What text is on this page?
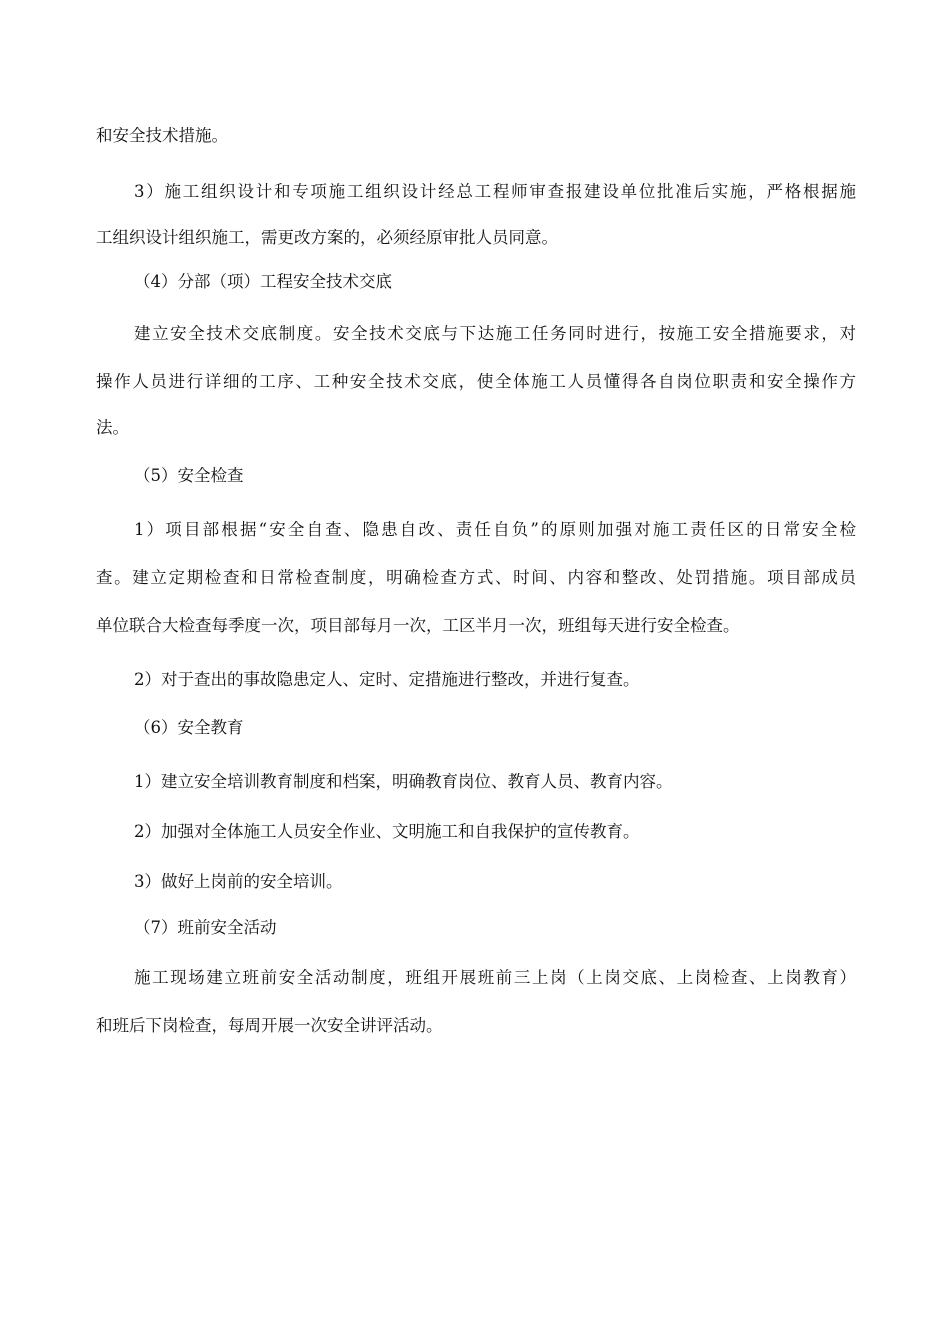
和安全技术措施。
3）施工组织设计和专项施工组织设计经总工程师审查报建设单位批准后实施，严格根据施
工组织设计组织施工，需更改方案的，必须经原审批人员同意。
（4）分部（项）工程安全技术交底
建立安全技术交底制度。安全技术交底与下达施工任务同时进行，按施工安全措施要求，对
操作人员进行详细的工序、工种安全技术交底，使全体施工人员懂得各自岗位职责和安全操作方
法。
（5）安全检查
1）项目部根据“安全自查、隐患自改、责任自负”的原则加强对施工责任区的日常安全检
查。建立定期检查和日常检查制度，明确检查方式、时间、内容和整改、处罚措施。项目部成员
单位联合大检查每季度一次，项目部每月一次，工区半月一次，班组每天进行安全检查。
2）对于查出的事故隐患定人、定时、定措施进行整改，并进行复查。
（6）安全教育
1）建立安全培训教育制度和档案，明确教育岗位、教育人员、教育内容。
2）加强对全体施工人员安全作业、文明施工和自我保护的宣传教育。
3）做好上岗前的安全培训。
（7）班前安全活动
施工现场建立班前安全活动制度，班组开展班前三上岗（上岗交底、上岗检查、上岗教育）
和班后下岗检查，每周开展一次安全讲评活动。
